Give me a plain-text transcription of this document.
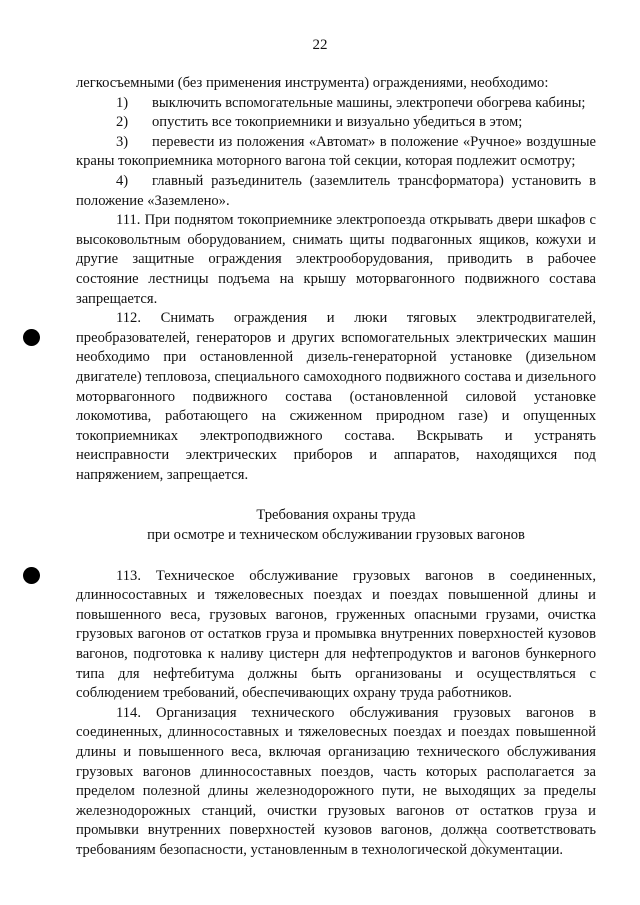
22

легкосъемными (без применения инструмента) ограждениями, необходимо:

1) выключить вспомогательные машины, электропечи обогрева кабины;

2) опустить все токоприемники и визуально убедиться в этом;

3) перевести из положения «Автомат» в положение «Ручное» воздушные краны токоприемника моторного вагона той секции, которая подлежит осмотру;

4) главный разъединитель (заземлитель трансформатора) установить в положение «Заземлено».

111. При поднятом токоприемнике электропоезда открывать двери шкафов с высоковольтным оборудованием, снимать щиты подвагонных ящиков, кожухи и другие защитные ограждения электрооборудования, приводить в рабочее состояние лестницы подъема на крышу моторвагонного подвижного состава запрещается.

112. Снимать ограждения и люки тяговых электродвигателей, преобразователей, генераторов и других вспомогательных электрических машин необходимо при остановленной дизель-генераторной установке (дизельном двигателе) тепловоза, специального самоходного подвижного состава и дизельного моторвагонного подвижного состава (остановленной силовой установке локомотива, работающего на сжиженном природном газе) и опущенных токоприемниках электроподвижного состава. Вскрывать и устранять неисправности электрических приборов и аппаратов, находящихся под напряжением, запрещается.

Требования охраны труда
при осмотре и техническом обслуживании грузовых вагонов

113. Техническое обслуживание грузовых вагонов в соединенных, длинносоставных и тяжеловесных поездах и поездах повышенной длины и повышенного веса, грузовых вагонов, груженных опасными грузами, очистка грузовых вагонов от остатков груза и промывка внутренних поверхностей кузовов вагонов, подготовка к наливу цистерн для нефтепродуктов и вагонов бункерного типа для нефтебитума должны быть организованы и осуществляться с соблюдением требований, обеспечивающих охрану труда работников.

114. Организация технического обслуживания грузовых вагонов в соединенных, длинносоставных и тяжеловесных поездах и поездах повышенной длины и повышенного веса, включая организацию технического обслуживания грузовых вагонов длинносоставных поездов, часть которых располагается за пределом полезной длины железнодорожного пути, не выходящих за пределы железнодорожных станций, очистки грузовых вагонов от остатков груза и промывки внутренних поверхностей кузовов вагонов, должна соответствовать требованиям безопасности, установленным в технологической документации.
